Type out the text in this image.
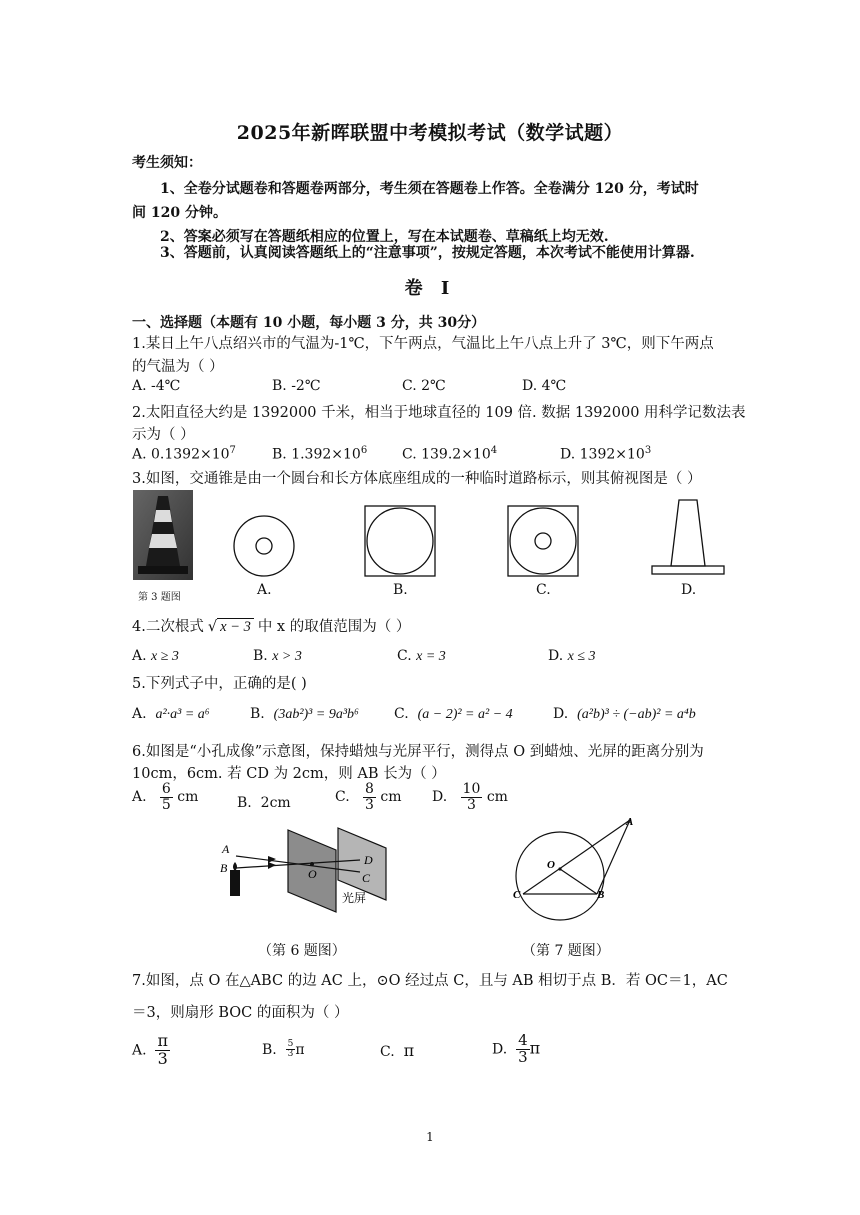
2025年新晖联盟中考模拟考试（数学试题）
考生须知：
1、全卷分试题卷和答题卷两部分，考生须在答题卷上作答。全卷满分 120 分，考试时
间 120 分钟。
2、答案必须写在答题纸相应的位置上，写在本试题卷、草稿纸上均无效.
3、答题前，认真阅读答题纸上的“注意事项”，按规定答题，本次考试不能使用计算器.
卷 I
一、选择题（本题有 10 小题，每小题 3 分，共 30分）
1.某日上午八点绍兴市的气温为-1℃，下午两点，气温比上午八点上升了 3℃，则下午两点
的气温为（ ）
A. -4℃	B. -2℃	C. 2℃	D. 4℃
2.太阳直径大约是 1392000 千米，相当于地球直径的 109 倍. 数据 1392000 用科学记数法表
示为（ ）
A. $0.1392\times 10^7$	B. $1.392\times 10^6$ C. $139.2\times 10^4$	D. $1392\times 10^3$
3.如图，交通锥是由一个圆台和长方体底座组成的一种临时道路标示，则其俯视图是（ ）
第 3 题图	A.	B.	C.	D.
4.二次根式 √ x − 3 中 x 的取值范围为（ ）
A. x ≥ 3	B. x > 3	C. x = 3	D. x ≤ 3
5.下列式子中，正确的是( )
A. a²·a³ = a⁶	B. (3ab²)³ = 9a³b⁶	C. (a − 2)² = a² − 4	D. (a²b)³ ÷ (−ab)² = a⁴b
6.如图是“小孔成像”示意图，保持蜡烛与光屏平行，测得点 O 到蜡烛、光屏的距离分别为
10cm，6cm. 若 CD 为 2cm，则 AB 长为（ ）
A. $\frac{6}{5}$ cm	B. 2cm	C. $\frac{8}{3}$ cm D. $\frac{10}{3}$ cm
A
B	O
D
C
光屏
A
O
C	B
（第 6 题图）	（第 7 题图）
7.如图，点 O 在△ABC 的边 AC 上，⊙O 经过点 C，且与 AB 相切于点 B．若 OC＝1，AC
＝3，则扇形 BOC 的面积为（ ）
A. $\frac{\pi}{3}$	B. $\frac{5}{3}$ π	C. π	D. $\frac{4}{3}$ π
1
